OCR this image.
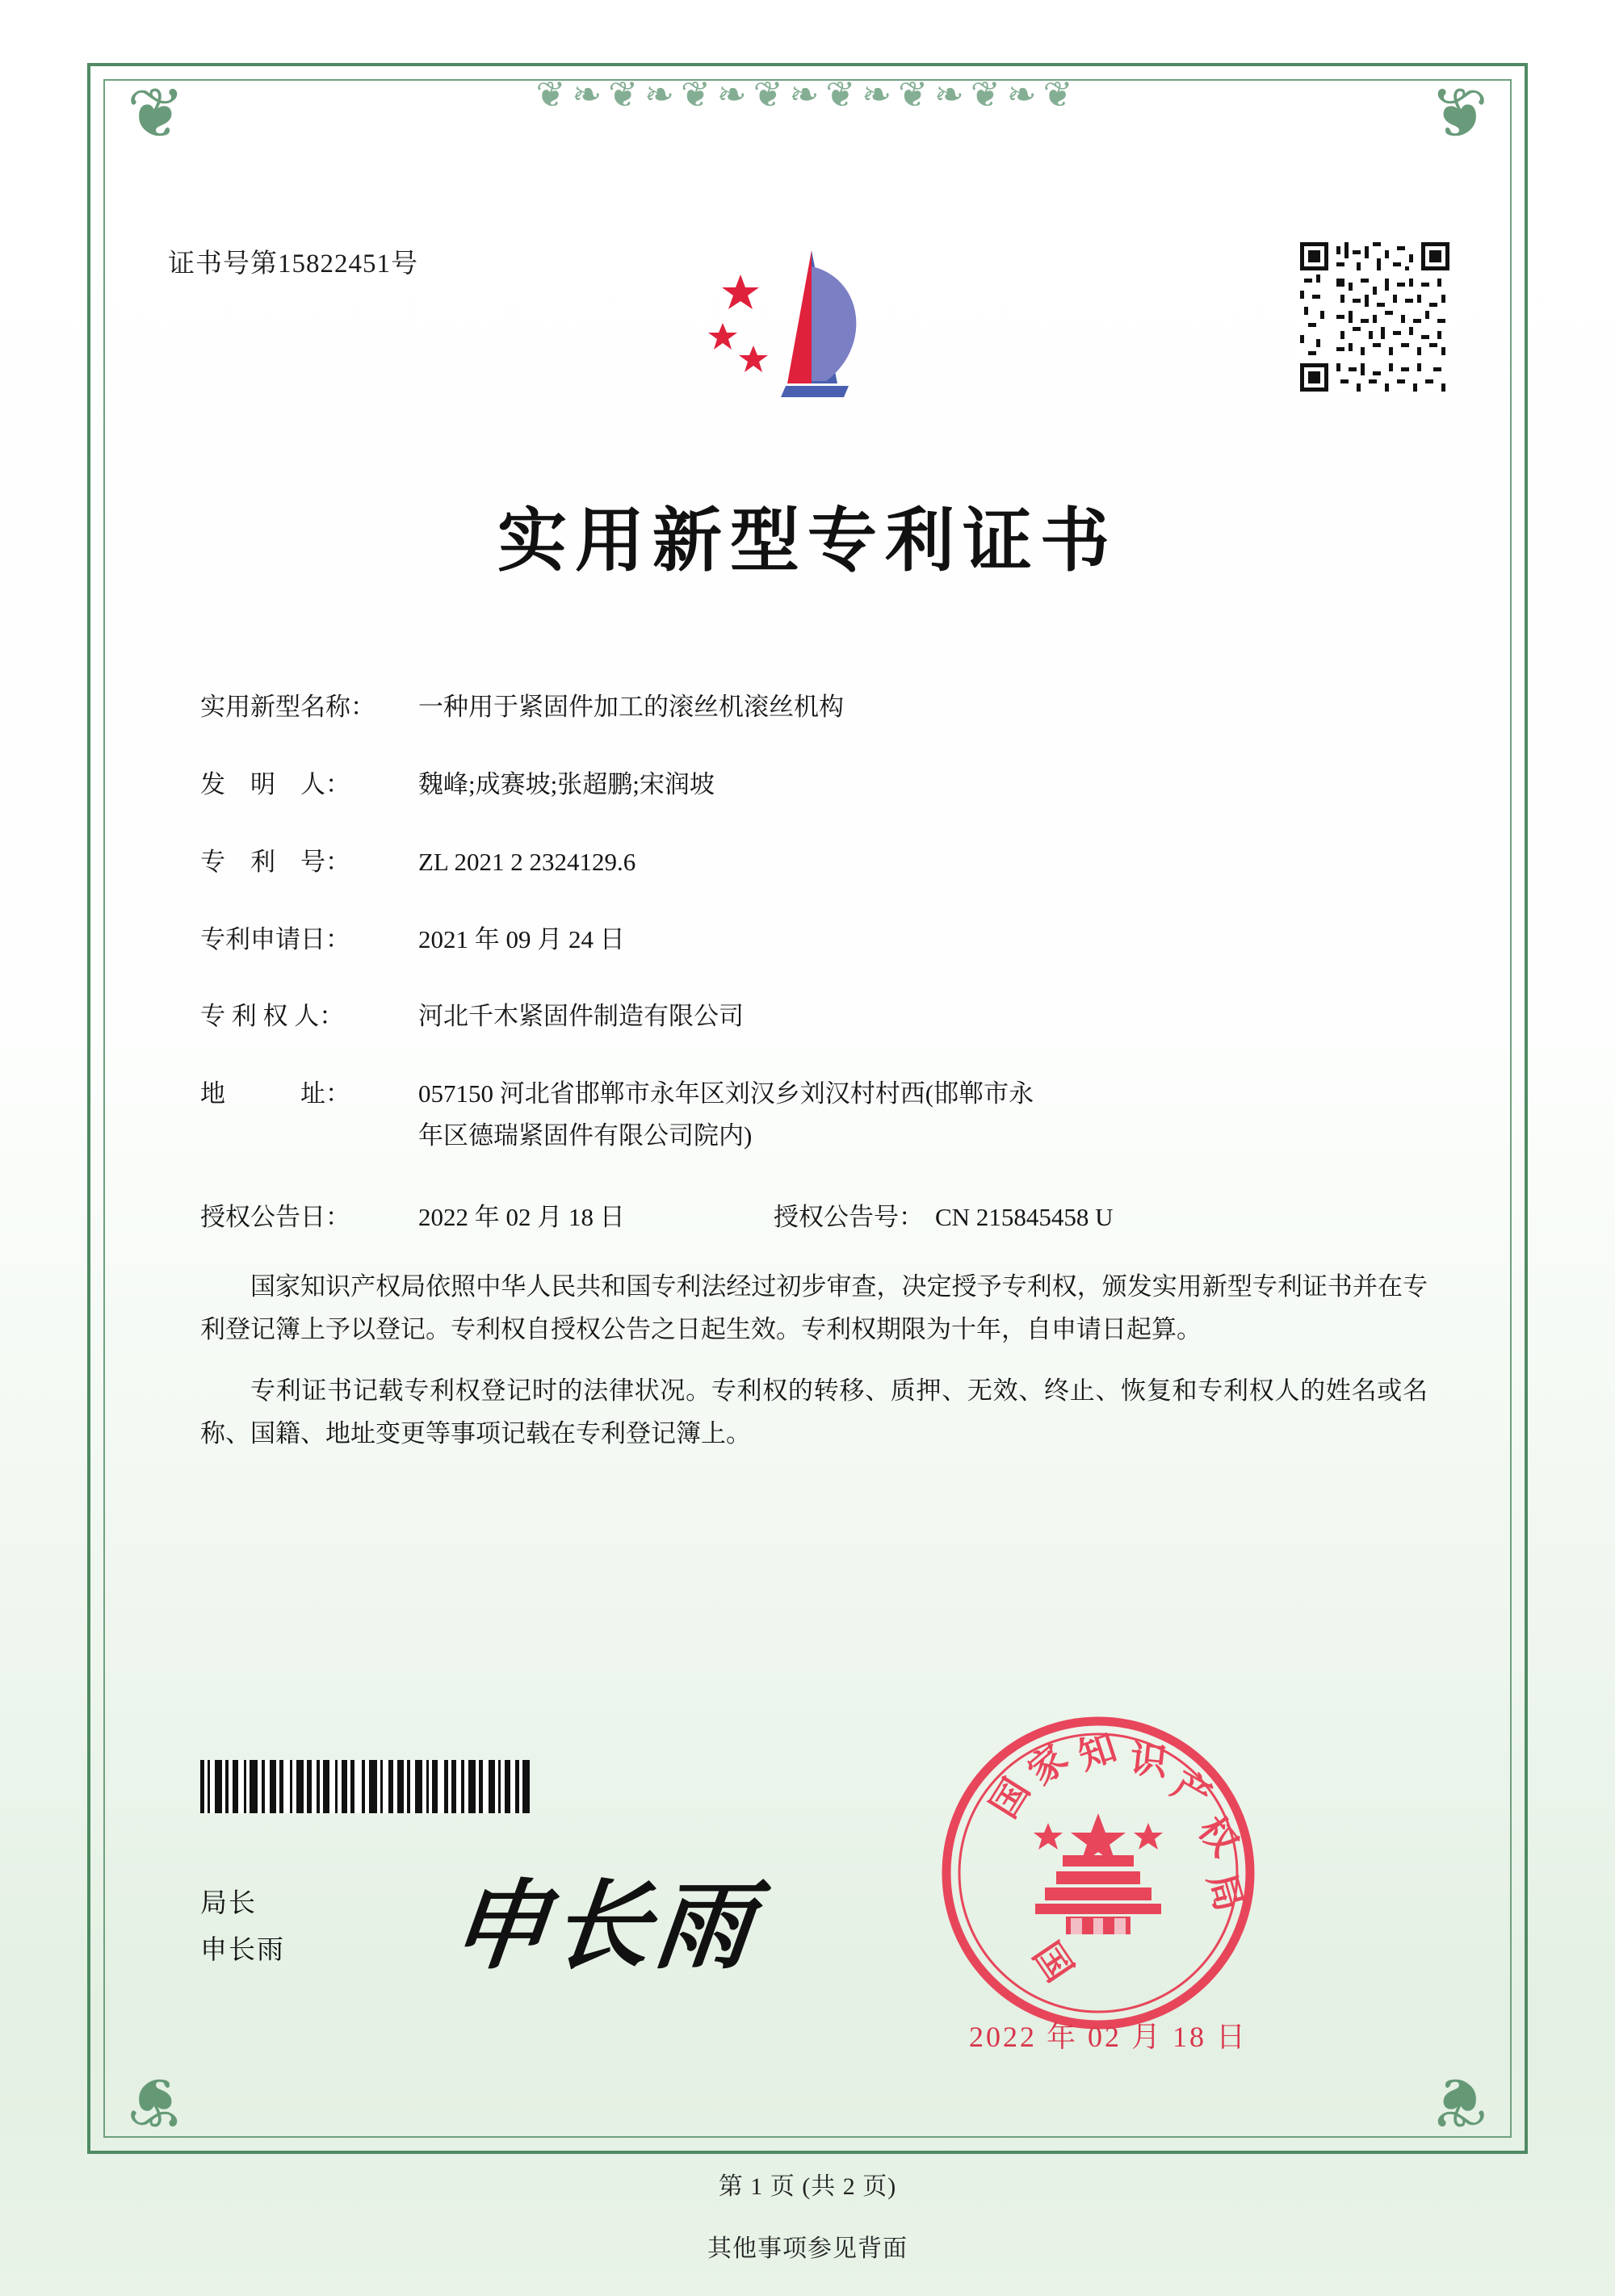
❦	❦
❦	❦
❦❧❦❧❦❧❦❧❦❧❦❧❦❧❦
证书号第15822451号
实用新型专利证书
实用新型名称：	一种用于紧固件加工的滚丝机滚丝机构
发　明　人：	魏峰;成赛坡;张超鹏;宋润坡
专　利　号：	ZL 2021 2 2324129.6
专利申请日：	2021 年 09 月 24 日
专 利 权 人：	河北千木紧固件制造有限公司
地　　　址：	057150 河北省邯郸市永年区刘汉乡刘汉村村西(邯郸市永
年区德瑞紧固件有限公司院内)
授权公告日：	2022 年 02 月 18 日	授权公告号： CN 215845458 U
国家知识产权局依照中华人民共和国专利法经过初步审查，决定授予专利权，颁发实用新型专利证书并在专利登记簿上予以登记。专利权自授权公告之日起生效。专利权期限为十年，自申请日起算。
专利证书记载专利权登记时的法律状况。专利权的转移、质押、无效、终止、恢复和专利权人的姓名或名称、国籍、地址变更等事项记载在专利登记簿上。
局长
申长雨 申长雨
国
家
知 识
产
权
局
国
2022 年 02 月 18 日
第 1 页 (共 2 页)
其他事项参见背面
